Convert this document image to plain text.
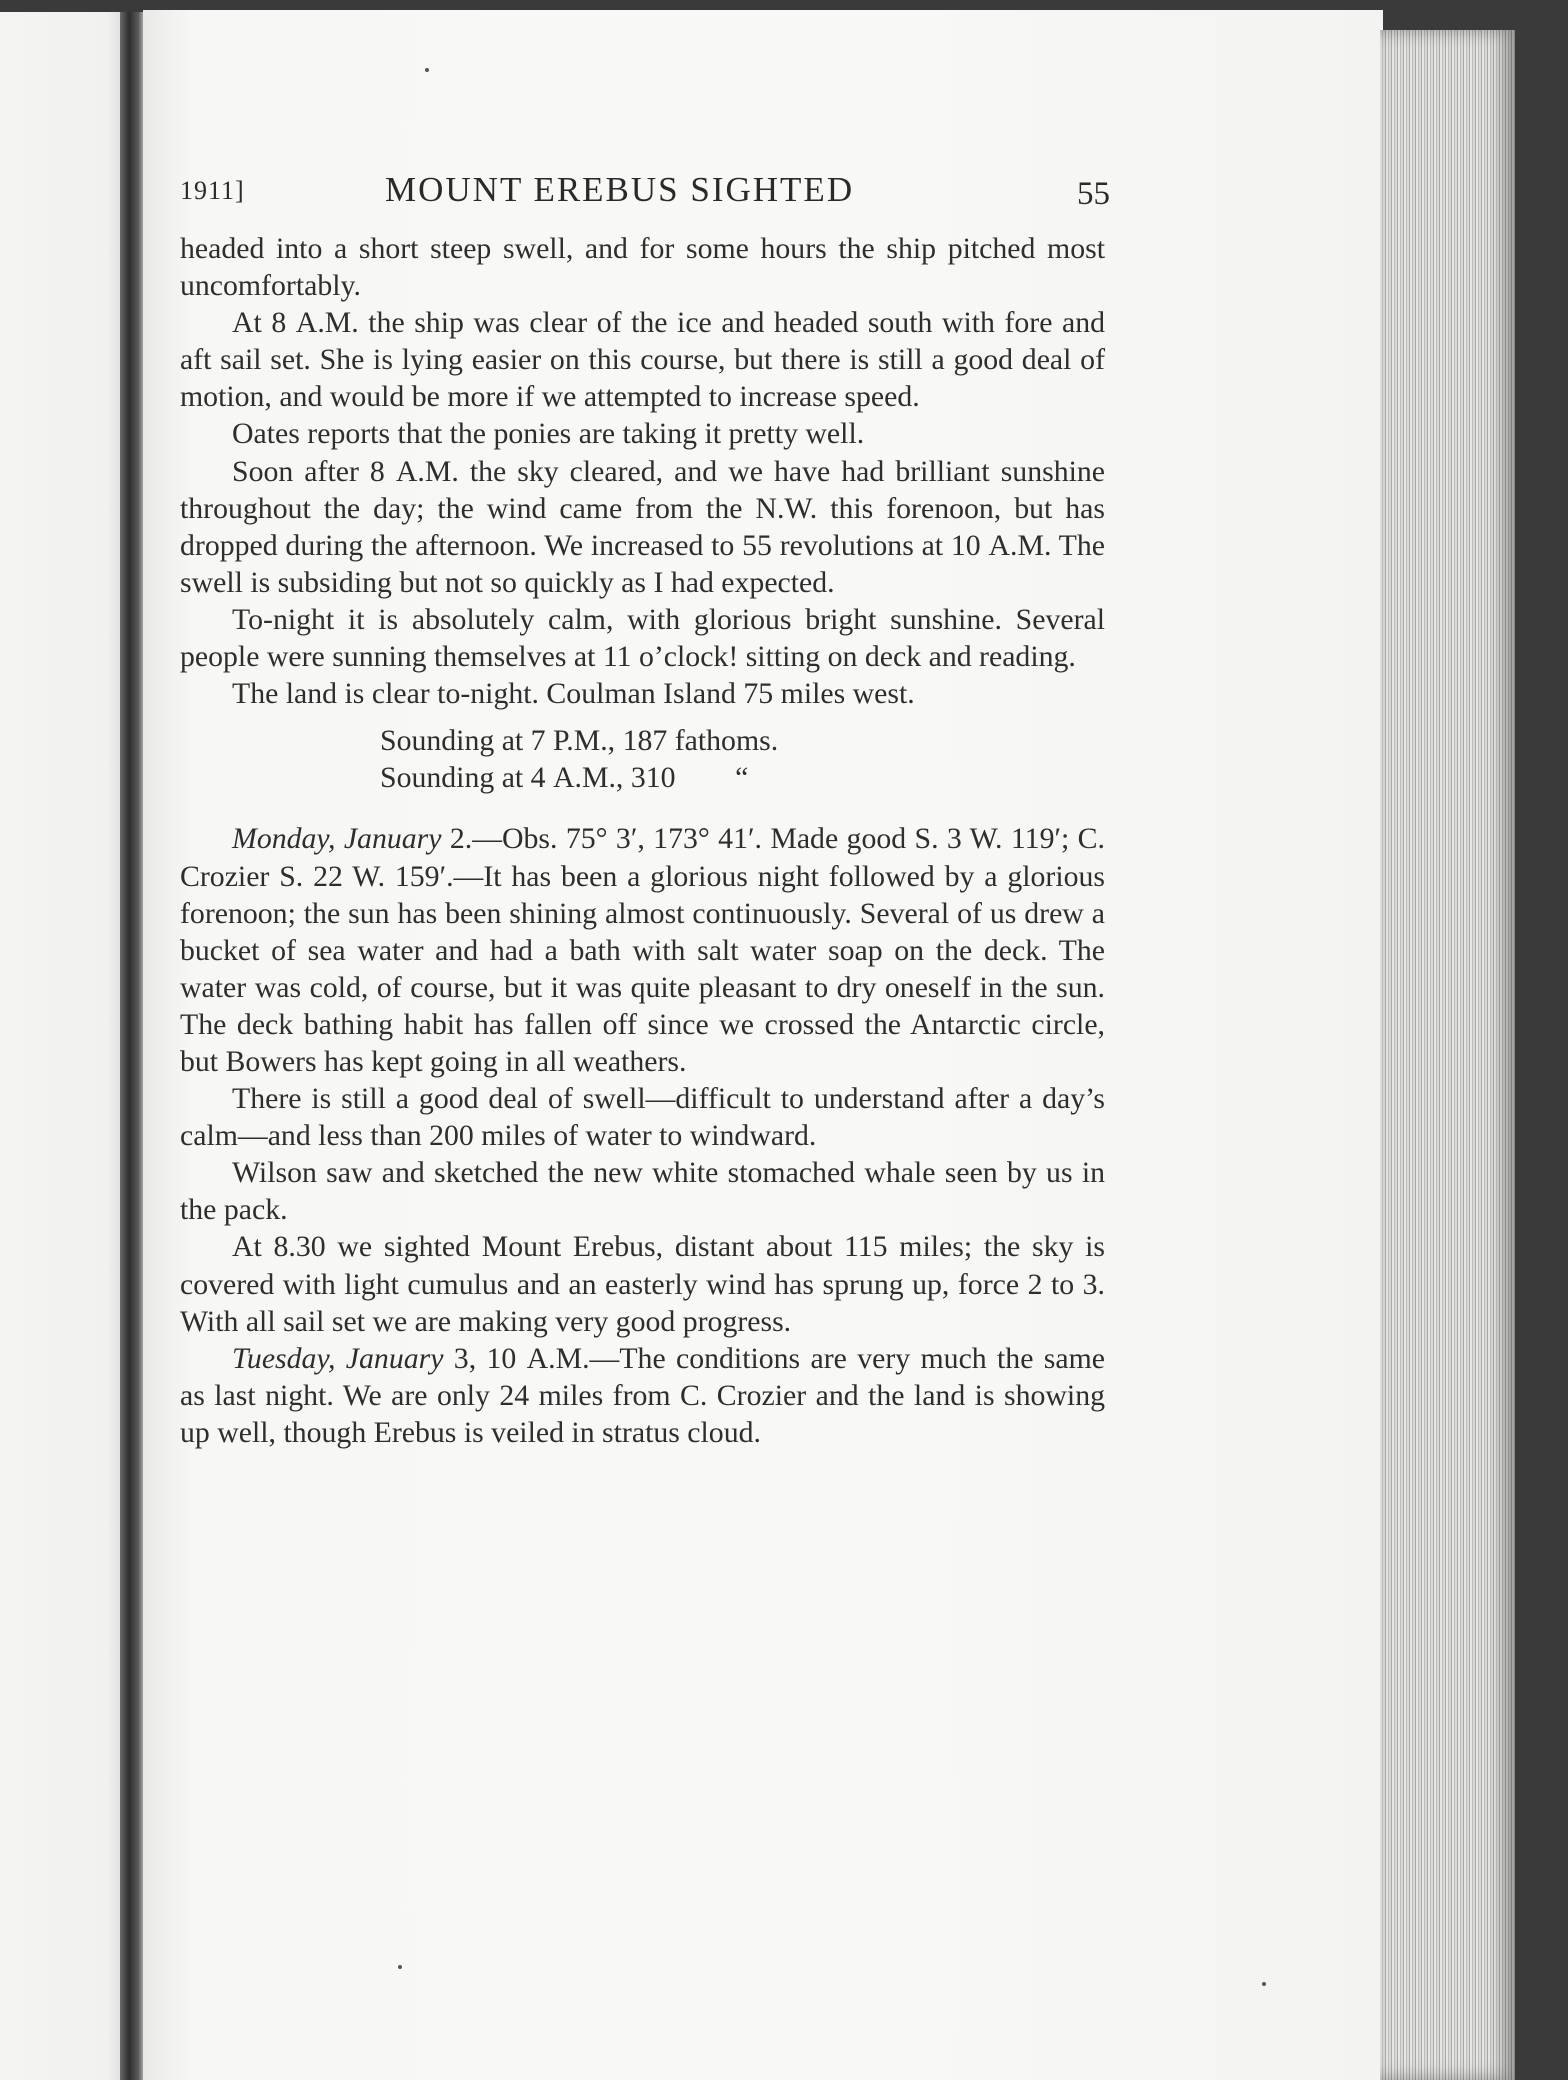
1911]	MOUNT EREBUS SIGHTED	55

headed into a short steep swell, and for some hours the ship pitched most uncomfortably.

At 8 A.M. the ship was clear of the ice and headed south with fore and aft sail set. She is lying easier on this course, but there is still a good deal of motion, and would be more if we attempted to increase speed.

Oates reports that the ponies are taking it pretty well.

Soon after 8 A.M. the sky cleared, and we have had brilliant sunshine throughout the day; the wind came from the N.W. this forenoon, but has dropped during the afternoon. We increased to 55 revolutions at 10 A.M. The swell is subsiding but not so quickly as I had expected.

To-night it is absolutely calm, with glorious bright sunshine. Several people were sunning themselves at 11 o’clock! sitting on deck and reading.

The land is clear to-night. Coulman Island 75 miles west.

Sounding at 7 P.M., 187 fathoms.
Sounding at 4 A.M., 310        “

Monday, January 2.—Obs. 75° 3′, 173° 41′. Made good S. 3 W. 119′; C. Crozier S. 22 W. 159′.—It has been a glorious night followed by a glorious forenoon; the sun has been shining almost continuously. Several of us drew a bucket of sea water and had a bath with salt water soap on the deck. The water was cold, of course, but it was quite pleasant to dry oneself in the sun. The deck bathing habit has fallen off since we crossed the Antarctic circle, but Bowers has kept going in all weathers.

There is still a good deal of swell—difficult to understand after a day’s calm—and less than 200 miles of water to windward.

Wilson saw and sketched the new white stomached whale seen by us in the pack.

At 8.30 we sighted Mount Erebus, distant about 115 miles; the sky is covered with light cumulus and an easterly wind has sprung up, force 2 to 3. With all sail set we are making very good progress.

Tuesday, January 3, 10 A.M.—The conditions are very much the same as last night. We are only 24 miles from C. Crozier and the land is showing up well, though Erebus is veiled in stratus cloud.
